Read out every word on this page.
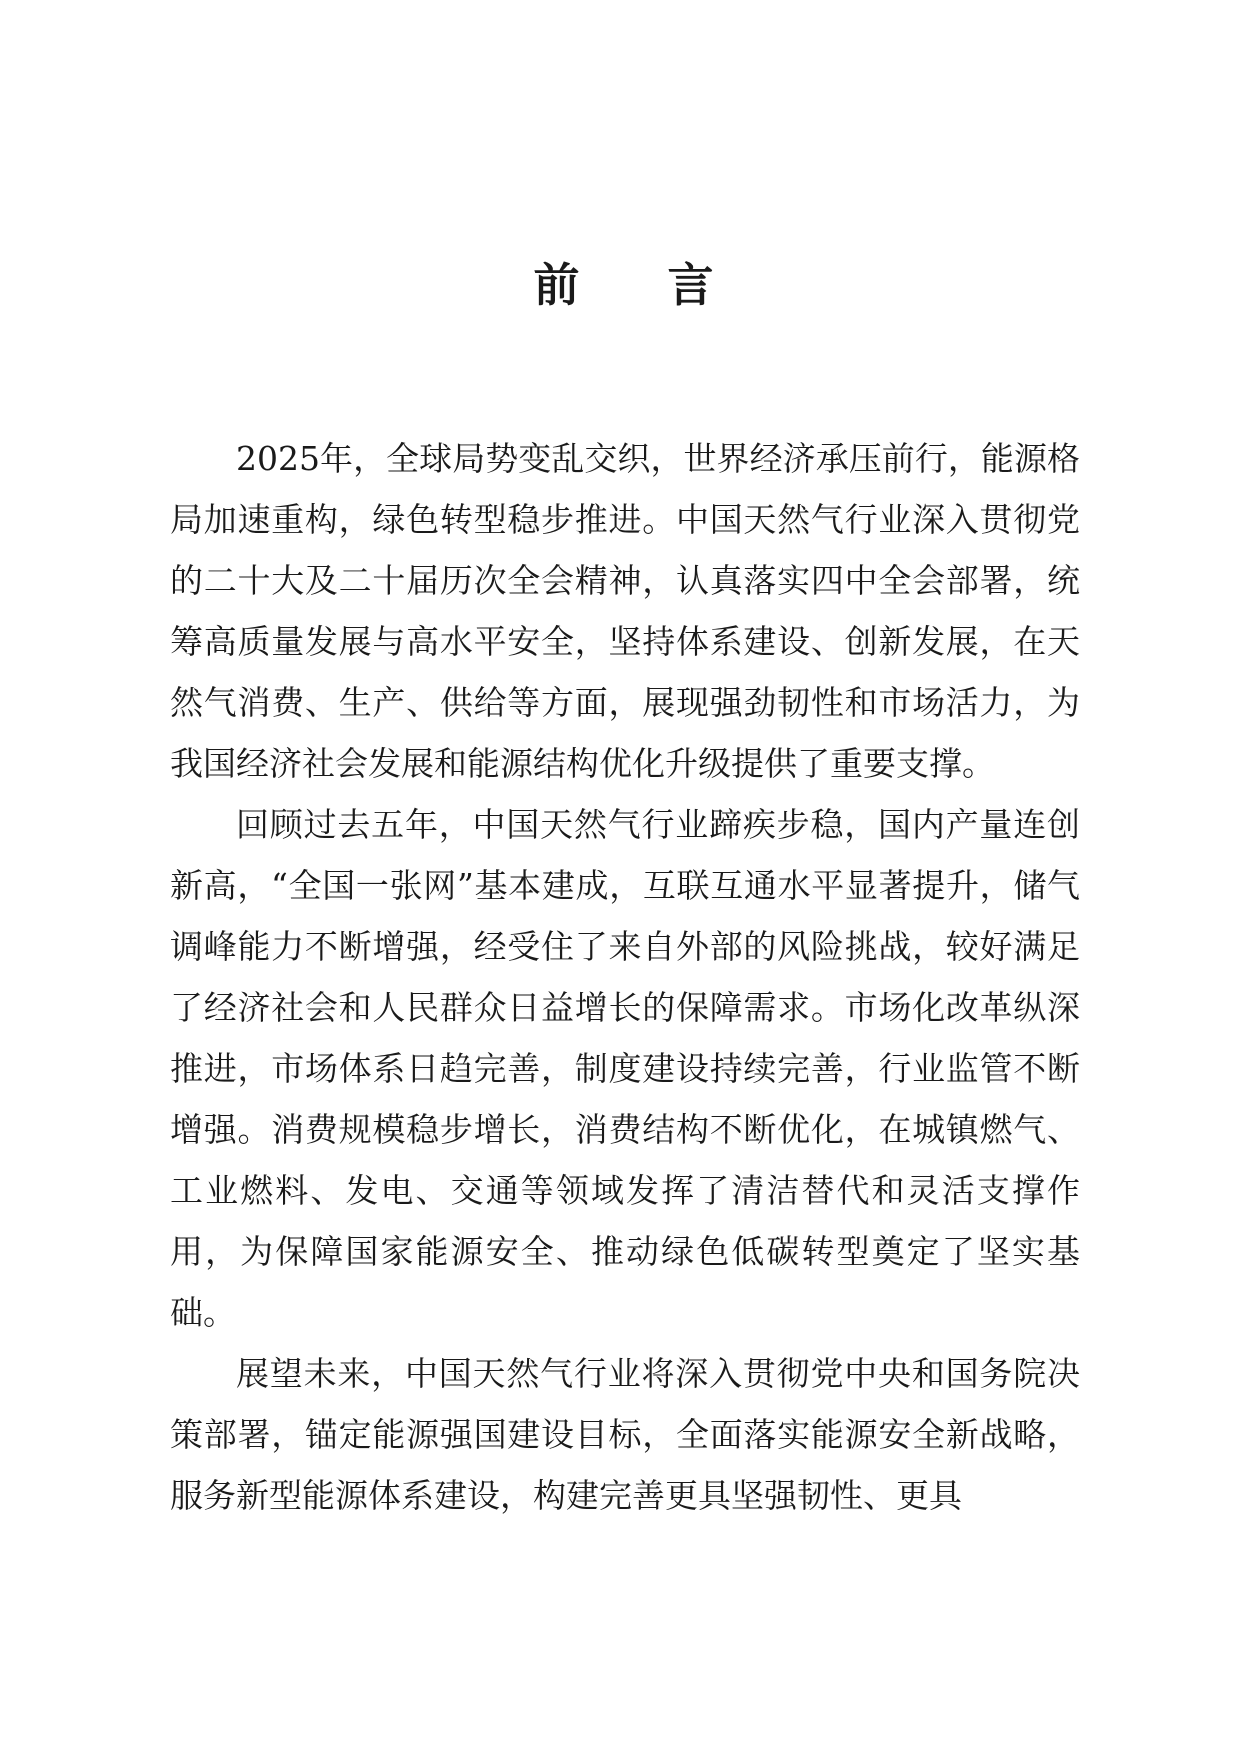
前 言

2025年，全球局势变乱交织，世界经济承压前行，能源格局加速重构，绿色转型稳步推进。中国天然气行业深入贯彻党的二十大及二十届历次全会精神，认真落实四中全会部署，统筹高质量发展与高水平安全，坚持体系建设、创新发展，在天然气消费、生产、供给等方面，展现强劲韧性和市场活力，为我国经济社会发展和能源结构优化升级提供了重要支撑。

回顾过去五年，中国天然气行业蹄疾步稳，国内产量连创新高，“全国一张网”基本建成，互联互通水平显著提升，储气调峰能力不断增强，经受住了来自外部的风险挑战，较好满足了经济社会和人民群众日益增长的保障需求。市场化改革纵深推进，市场体系日趋完善，制度建设持续完善，行业监管不断增强。消费规模稳步增长，消费结构不断优化，在城镇燃气、工业燃料、发电、交通等领域发挥了清洁替代和灵活支撑作用，为保障国家能源安全、推动绿色低碳转型奠定了坚实基础。

展望未来，中国天然气行业将深入贯彻党中央和国务院决策部署，锚定能源强国建设目标，全面落实能源安全新战略，服务新型能源体系建设，构建完善更具坚强韧性、更具
